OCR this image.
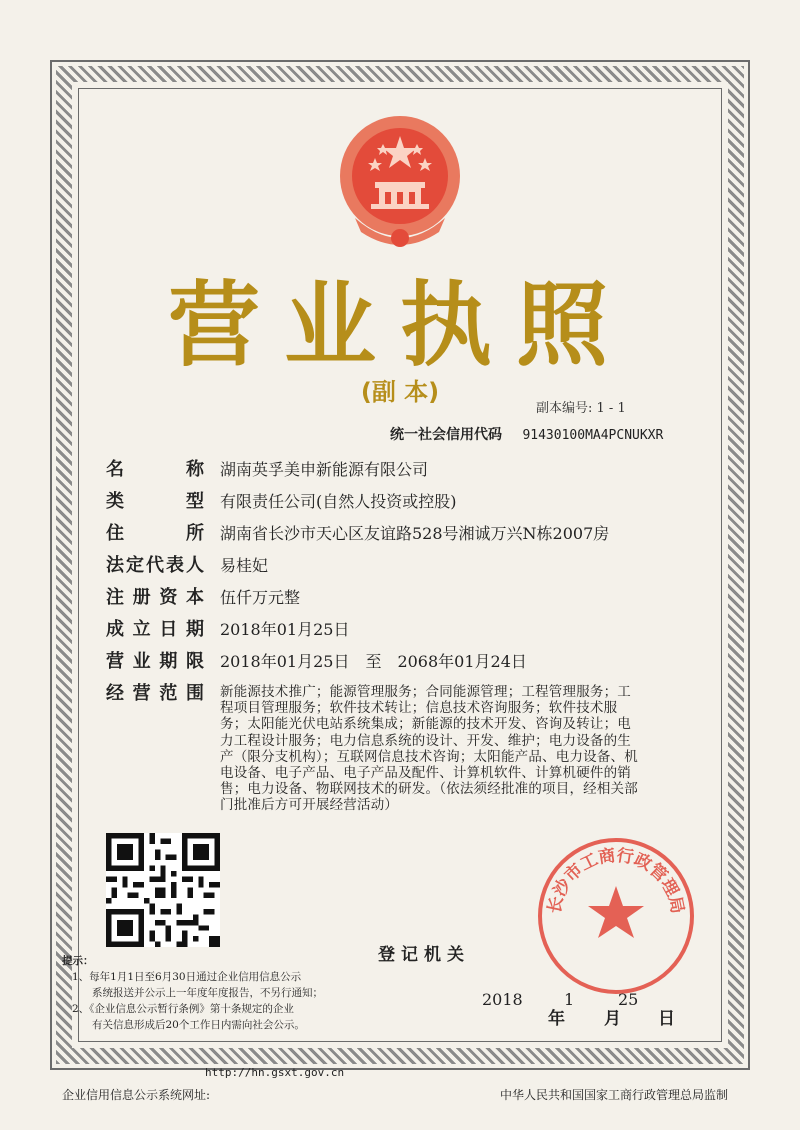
营业执照
(副 本)
副本编号: 1 - 1
统一社会信用代码 91430100MA4PCNUKXR
名称 湖南英孚美申新能源有限公司
类型 有限责任公司(自然人投资或控股)
住所 湖南省长沙市天心区友谊路528号湘诚万兴N栋2007房
法定代表人 易桂妃
注册资本 伍仟万元整
成立日期 2018年01月25日
营业期限 2018年01月25日　至　2068年01月24日
经营范围 新能源技术推广；能源管理服务；合同能源管理；工程管理服务；工程项目管理服务；软件技术转让；信息技术咨询服务；软件技术服务；太阳能光伏电站系统集成；新能源的技术开发、咨询及转让；电力工程设计服务；电力信息系统的设计、开发、维护；电力设备的生产（限分支机构）；互联网信息技术咨询；太阳能产品、电力设备、机电设备、电子产品、电子产品及配件、计算机软件、计算机硬件的销售；电力设备、物联网技术的研发。（依法须经批准的项目，经相关部门批准后方可开展经营活动）
登记机关
长沙市工商行政管理局
2018	1	25
年 月 日
提示：
1、每年1月1日至6月30日通过企业信用信息公示
系统报送并公示上一年度年度报告，不另行通知；
2、《企业信息公示暂行条例》第十条规定的企业
有关信息形成后20个工作日内需向社会公示。
http://hn.gsxt.gov.cn
企业信用信息公示系统网址:	中华人民共和国国家工商行政管理总局监制
